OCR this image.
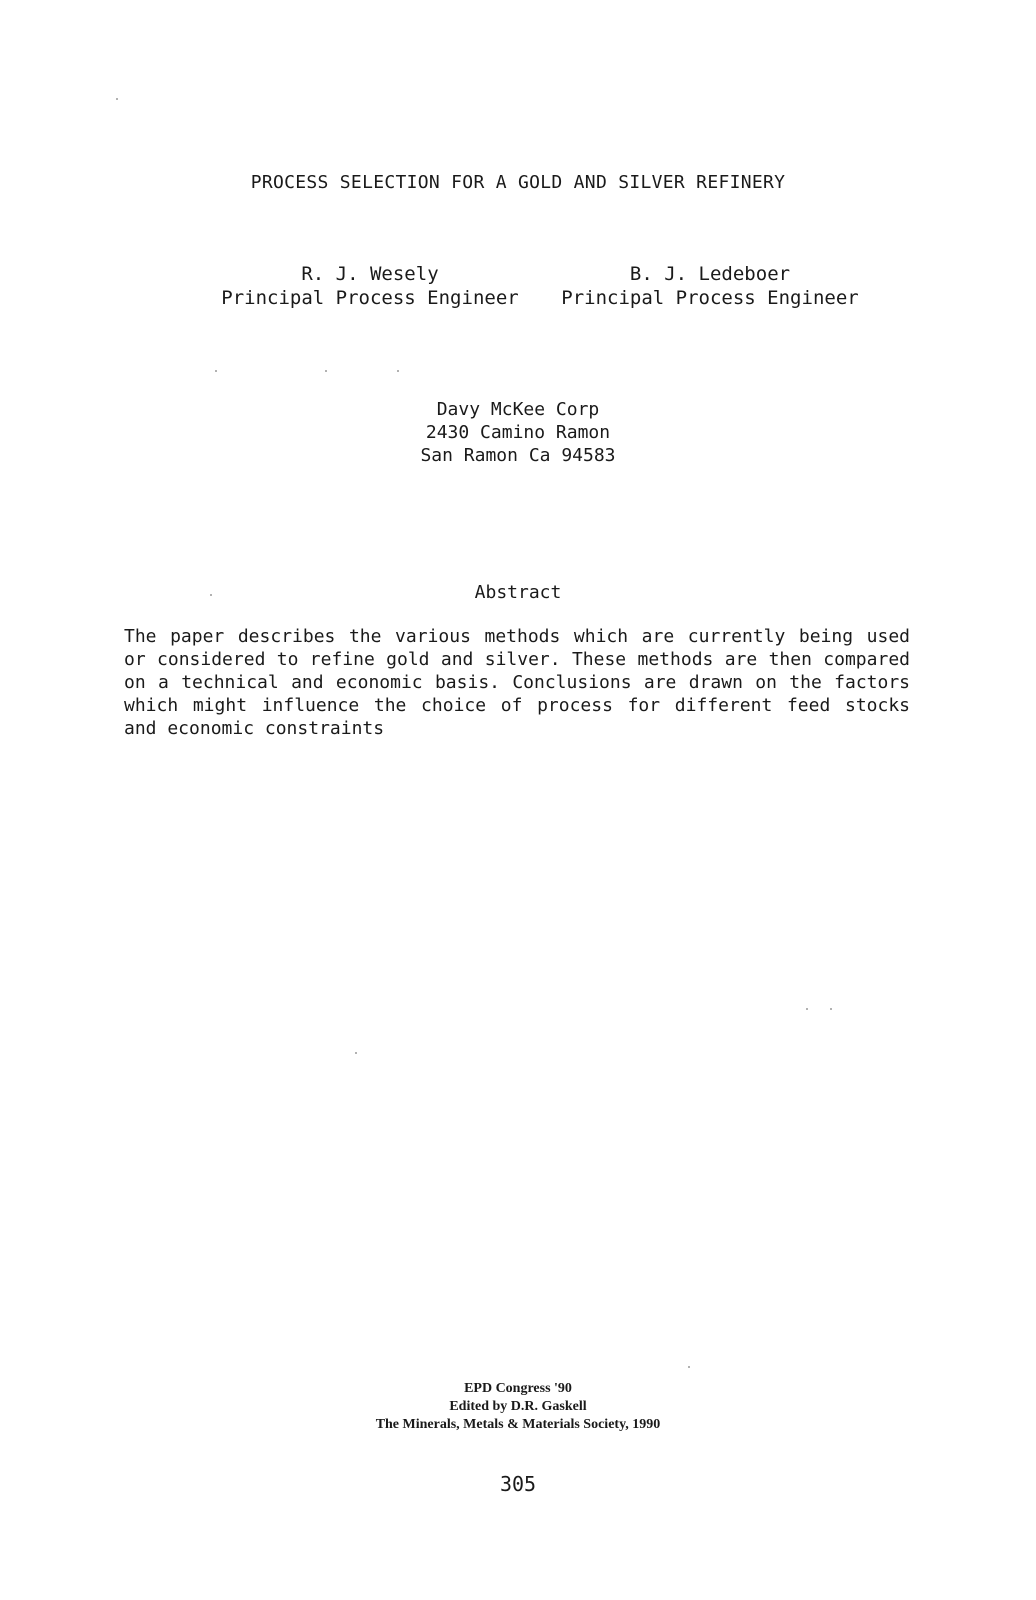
PROCESS SELECTION FOR A GOLD AND SILVER REFINERY
R. J. Wesely
Principal Process Engineer
B. J. Ledeboer
Principal Process Engineer
Davy McKee Corp
2430 Camino Ramon
San Ramon Ca 94583
Abstract
The paper describes the various methods which are currently being used or considered to refine gold and silver. These methods are then compared on a technical and economic basis. Conclusions are drawn on the factors which might influence the choice of process for different feed stocks and economic constraints
EPD Congress '90
Edited by D.R. Gaskell
The Minerals, Metals & Materials Society, 1990
305
